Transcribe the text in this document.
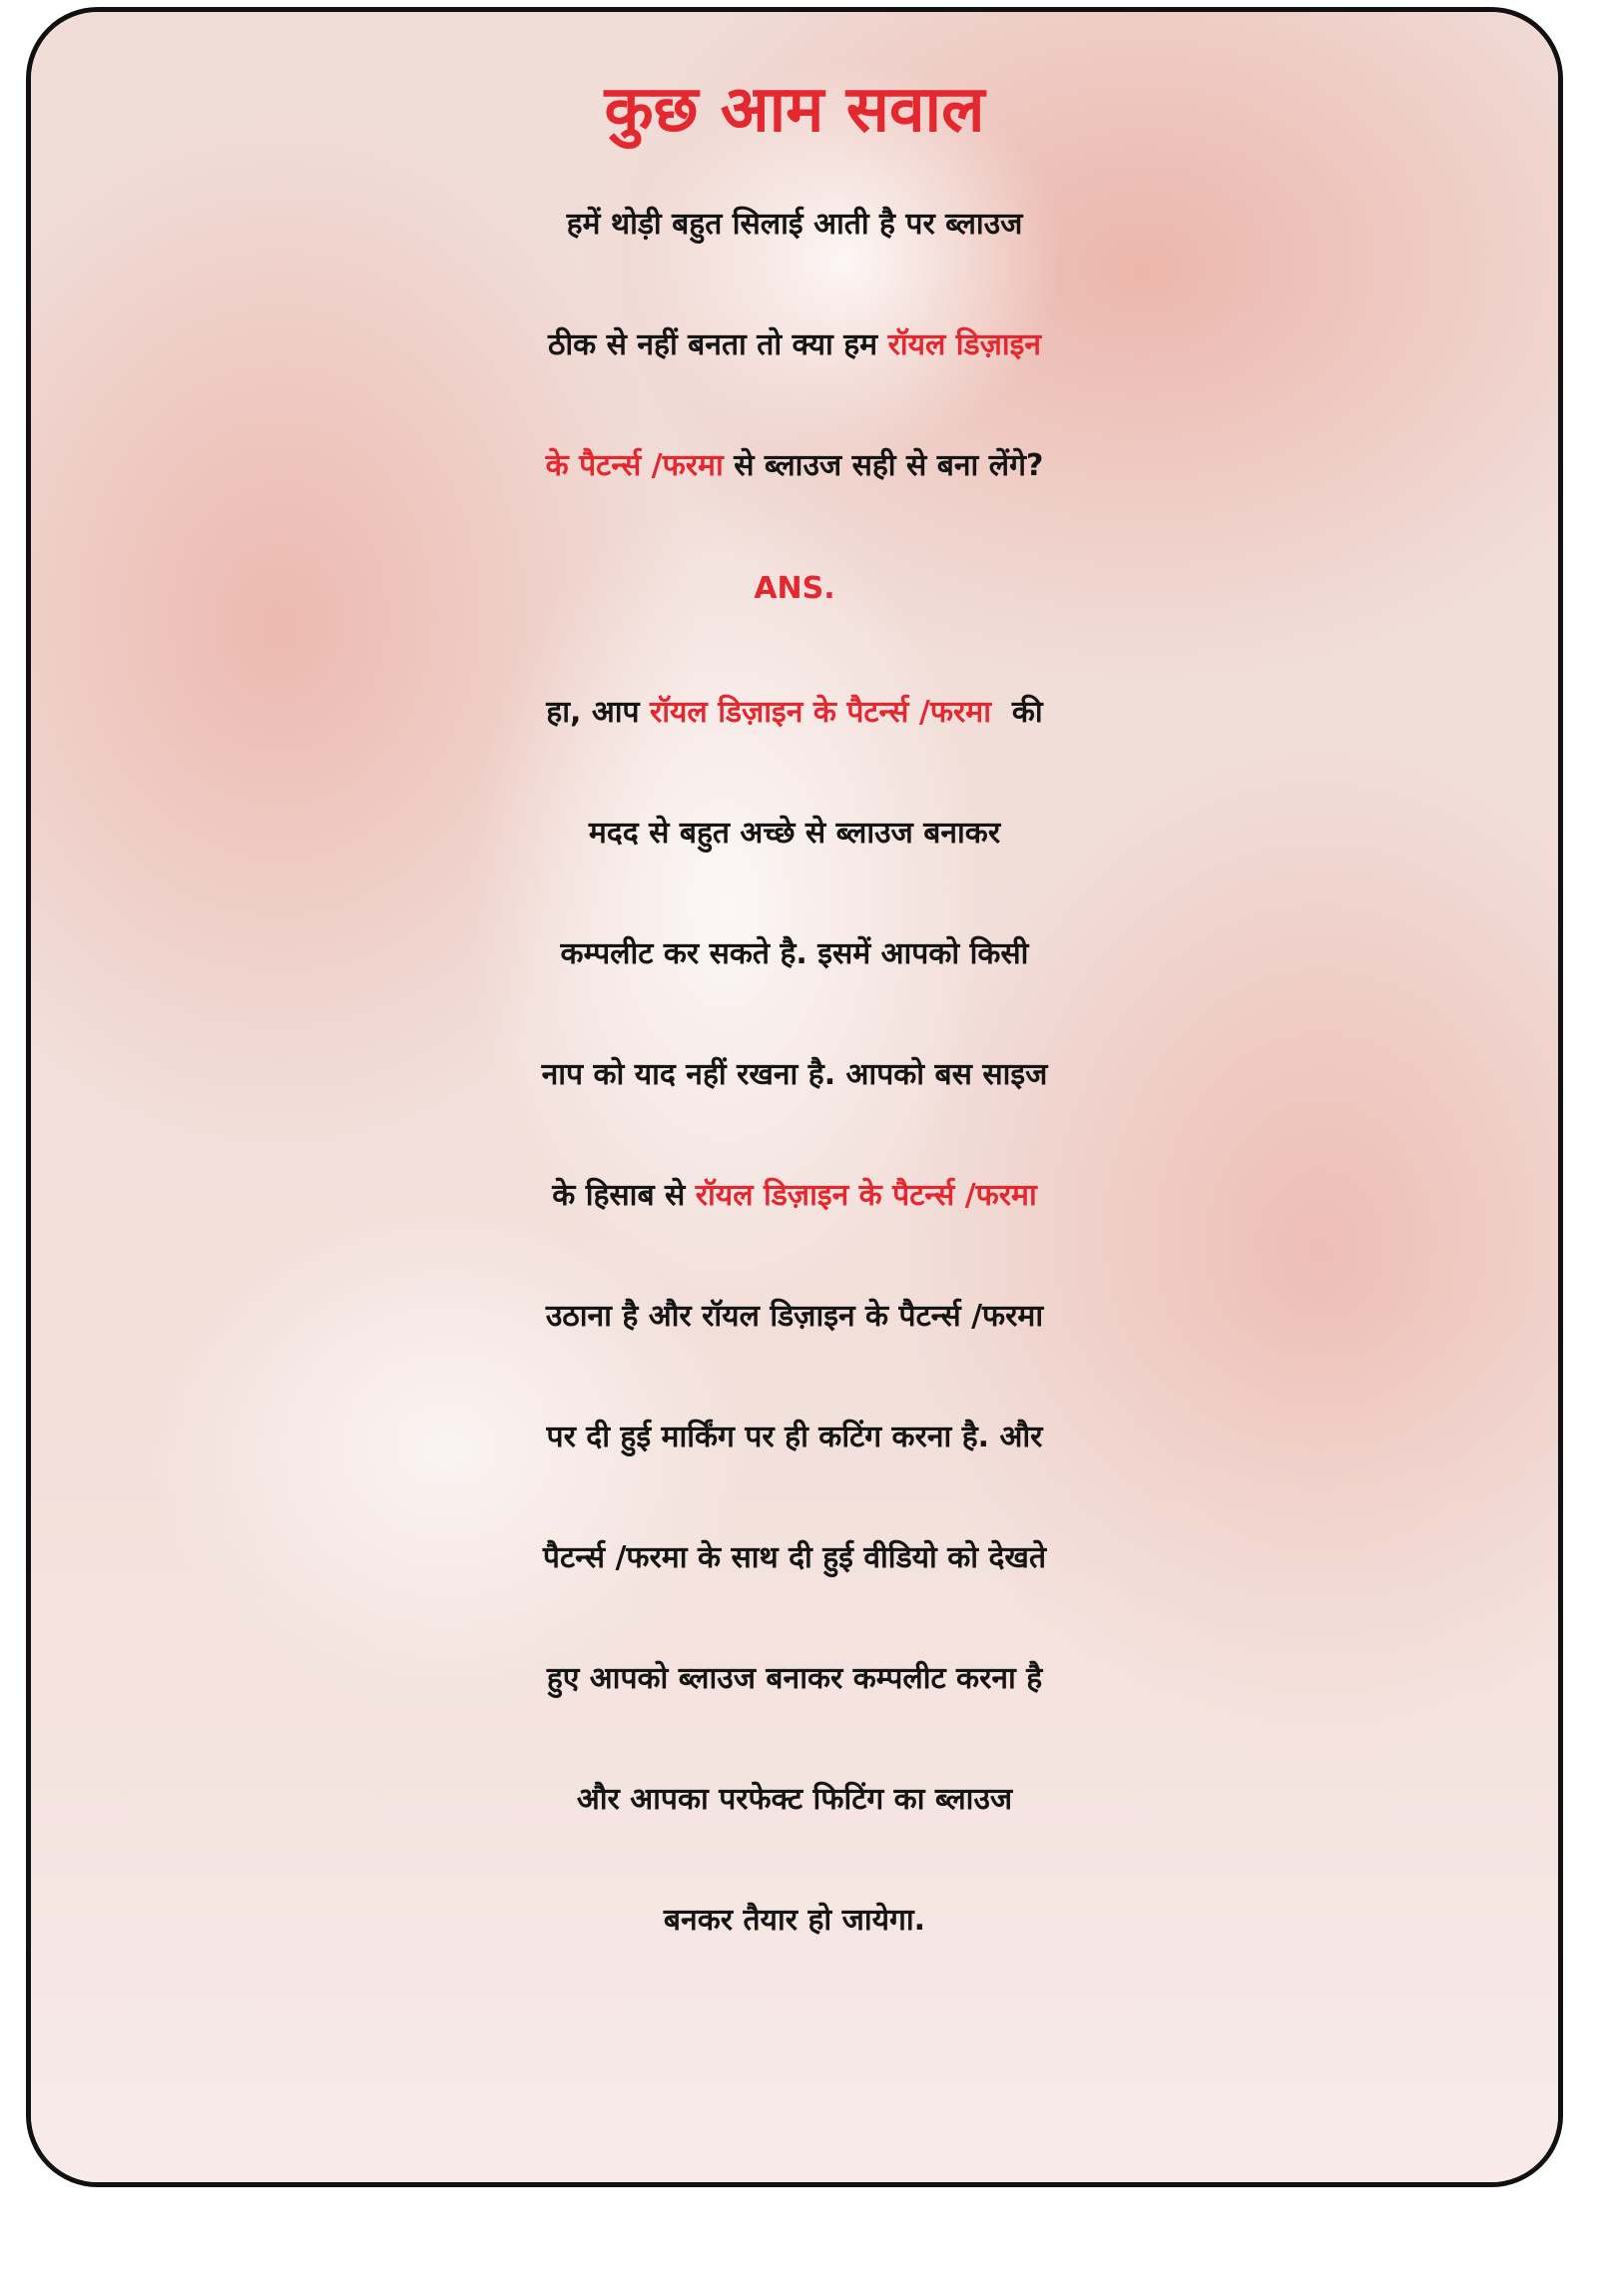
कुछ आम सवाल
हमें थोड़ी बहुत सिलाई आती है पर ब्लाउज
ठीक से नहीं बनता तो क्या हम रॉयल डिज़ाइन
के पैटर्न्स /फरमा से ब्लाउज सही से बना लेंगे?
ANS.
हा, आप रॉयल डिज़ाइन के पैटर्न्स /फरमा  की
मदद से बहुत अच्छे से ब्लाउज बनाकर
कम्पलीट कर सकते है. इसमें आपको किसी
नाप को याद नहीं रखना है. आपको बस साइज
के हिसाब से रॉयल डिज़ाइन के पैटर्न्स /फरमा
उठाना है और रॉयल डिज़ाइन के पैटर्न्स /फरमा
पर दी हुई मार्किंग पर ही कटिंग करना है. और
पैटर्न्स /फरमा के साथ दी हुई वीडियो को देखते
हुए आपको ब्लाउज बनाकर कम्पलीट करना है
और आपका परफेक्ट फिटिंग का ब्लाउज
बनकर तैयार हो जायेगा.
